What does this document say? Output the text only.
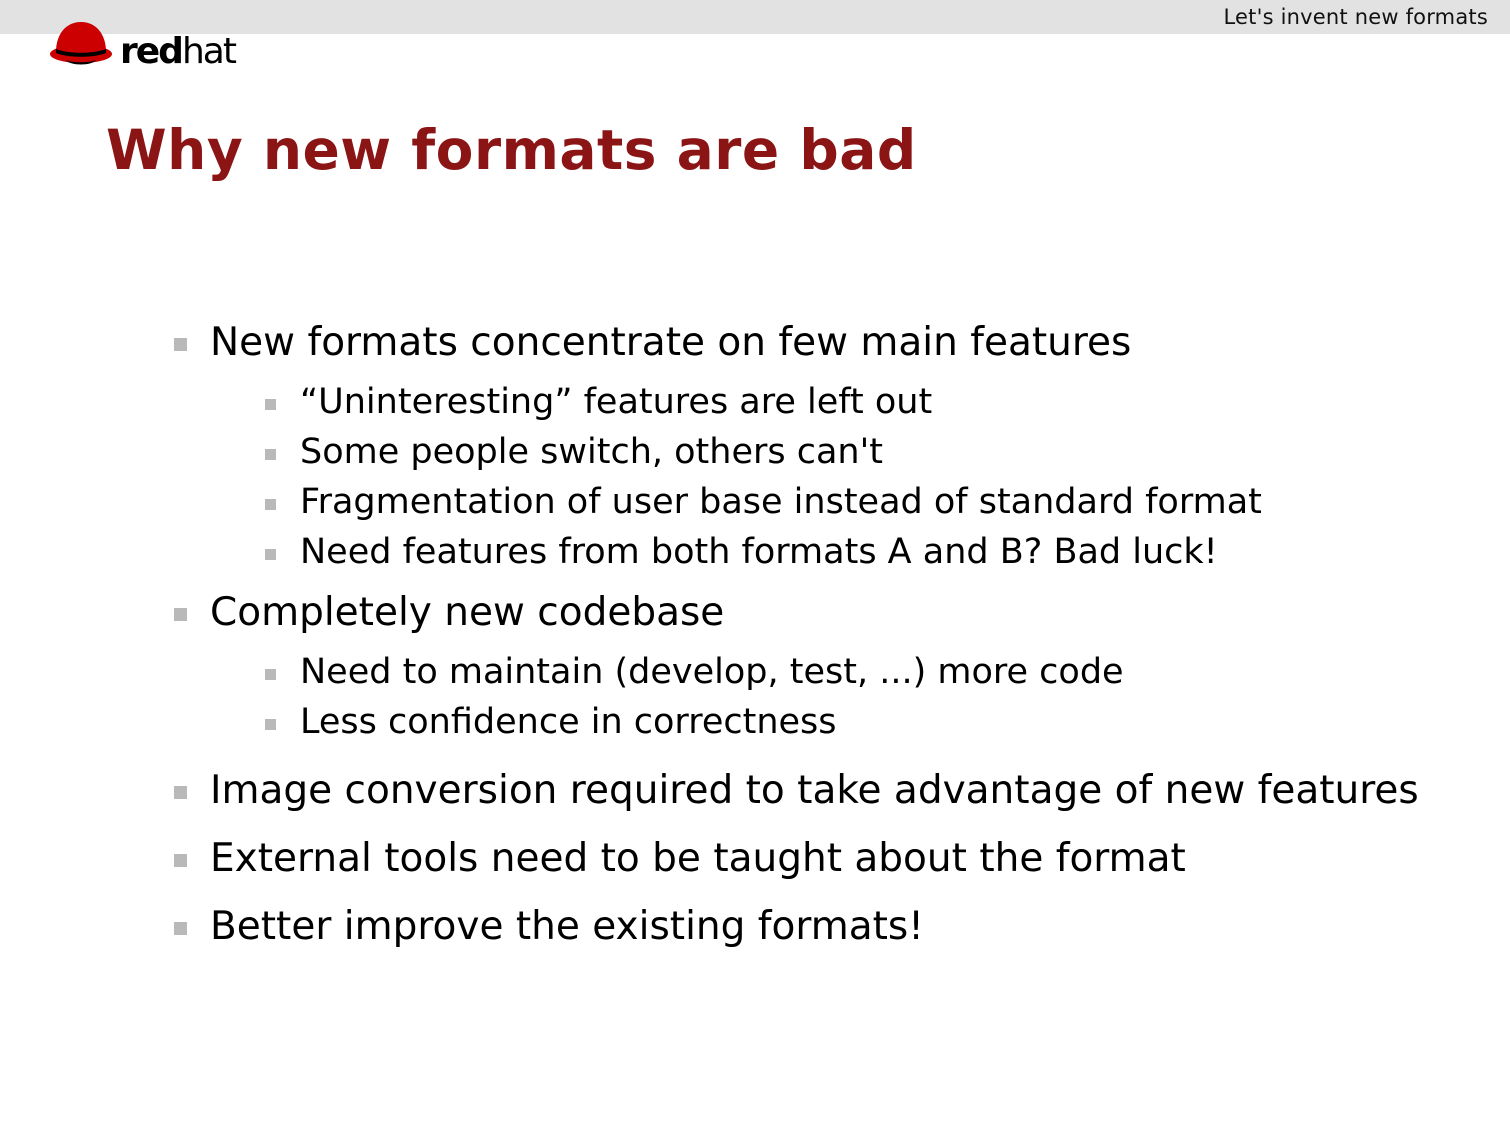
Let's invent new formats
redhat
Why new formats are bad
New formats concentrate on few main features
“Uninteresting” features are left out
Some people switch, others can't
Fragmentation of user base instead of standard format
Need features from both formats A and B? Bad luck!
Completely new codebase
Need to maintain (develop, test, ...) more code
Less confidence in correctness
Image conversion required to take advantage of new features
External tools need to be taught about the format
Better improve the existing formats!
